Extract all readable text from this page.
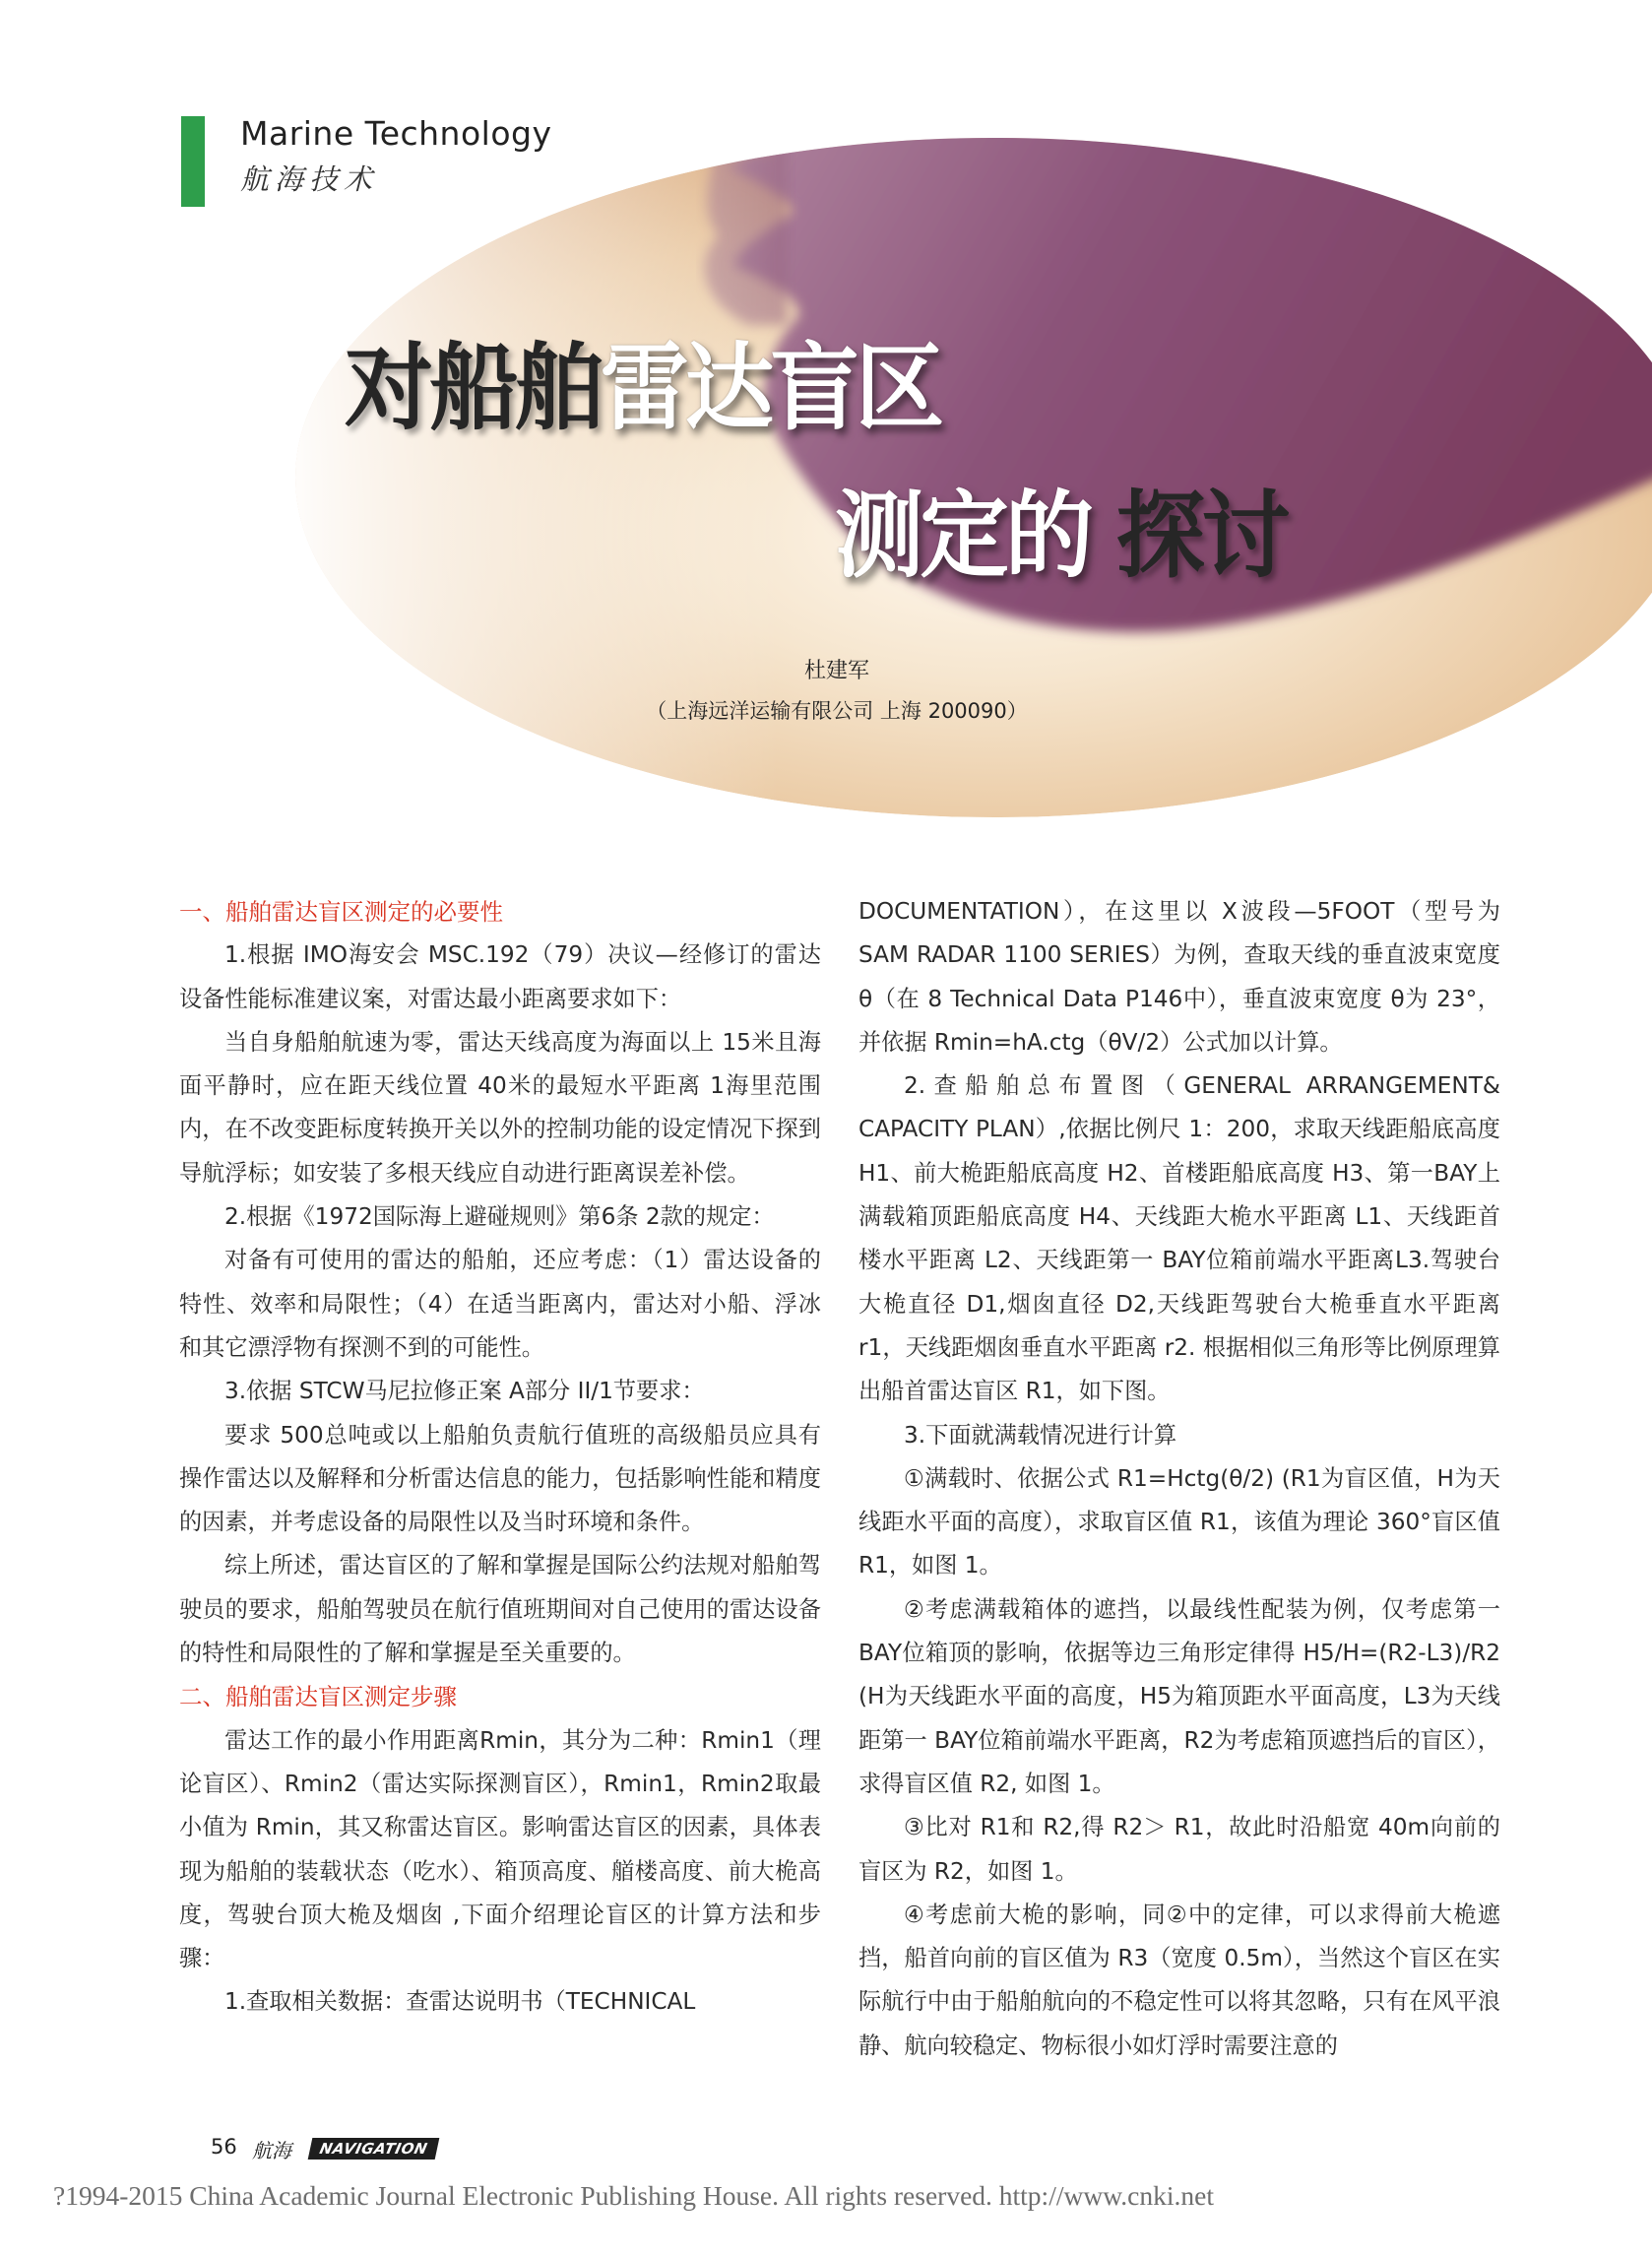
Marine Technology
航海技术
对船舶雷达盲区
测定的 探讨
杜建军
（上海远洋运输有限公司 上海 200090）
一、船舶雷达盲区测定的必要性

1.根据 IMO海安会 MSC.192（79）决议—经修订的雷达设备性能标准建议案，对雷达最小距离要求如下：

当自身船舶航速为零，雷达天线高度为海面以上 15米且海面平静时，应在距天线位置 40米的最短水平距离 1海里范围内，在不改变距标度转换开关以外的控制功能的设定情况下探到导航浮标；如安装了多根天线应自动进行距离误差补偿。

2.根据《1972国际海上避碰规则》第6条 2款的规定：

对备有可使用的雷达的船舶，还应考虑：（1）雷达设备的特性、效率和局限性；（4）在适当距离内，雷达对小船、浮冰和其它漂浮物有探测不到的可能性。

3.依据 STCW马尼拉修正案 A部分 II/1节要求：

要求 500总吨或以上船舶负责航行值班的高级船员应具有操作雷达以及解释和分析雷达信息的能力，包括影响性能和精度的因素，并考虑设备的局限性以及当时环境和条件。

综上所述，雷达盲区的了解和掌握是国际公约法规对船舶驾驶员的要求，船舶驾驶员在航行值班期间对自己使用的雷达设备的特性和局限性的了解和掌握是至关重要的。

二、船舶雷达盲区测定步骤

雷达工作的最小作用距离Rmin，其分为二种：Rmin1（理论盲区）、Rmin2（雷达实际探测盲区），Rmin1，Rmin2取最小值为 Rmin，其又称雷达盲区。影响雷达盲区的因素，具体表现为船舶的装载状态（吃水）、箱顶高度、艏楼高度、前大桅高度，驾驶台顶大桅及烟囱 ,下面介绍理论盲区的计算方法和步骤：

1.查取相关数据：查雷达说明书（TECHNICAL

DOCUMENTATION），在这里以 X波段—5FOOT（型号为 SAM RADAR 1100 SERIES）为例，查取天线的垂直波束宽度 θ（在 8 Technical Data P146中），垂直波束宽度 θ为 23°，并依据 Rmin=hA.ctg（θV/2）公式加以计算。

2.查船舶总布置图（GENERAL ARRANGEMENT& CAPACITY PLAN）,依据比例尺 1：200，求取天线距船底高度 H1、前大桅距船底高度 H2、首楼距船底高度 H3、第一BAY上满载箱顶距船底高度 H4、天线距大桅水平距离 L1、天线距首楼水平距离 L2、天线距第一 BAY位箱前端水平距离L3.驾驶台大桅直径 D1,烟囱直径 D2,天线距驾驶台大桅垂直水平距离 r1，天线距烟囱垂直水平距离 r2. 根据相似三角形等比例原理算出船首雷达盲区 R1，如下图。

3.下面就满载情况进行计算

①满载时、依据公式 R1=Hctg(θ/2) (R1为盲区值，H为天线距水平面的高度），求取盲区值 R1，该值为理论 360°盲区值 R1，如图 1。

②考虑满载箱体的遮挡，以最线性配装为例，仅考虑第一BAY位箱顶的影响，依据等边三角形定律得 H5/H=(R2-L3)/R2 (H为天线距水平面的高度，H5为箱顶距水平面高度，L3为天线距第一 BAY位箱前端水平距离，R2为考虑箱顶遮挡后的盲区），求得盲区值 R2, 如图 1。

③比对 R1和 R2,得 R2＞ R1，故此时沿船宽 40m向前的盲区为 R2，如图 1。

④考虑前大桅的影响，同②中的定律，可以求得前大桅遮挡，船首向前的盲区值为 R3（宽度 0.5m），当然这个盲区在实际航行中由于船舶航向的不稳定性可以将其忽略，只有在风平浪静、航向较稳定、物标很小如灯浮时需要注意的

56 航海	NAVIGATION
?1994-2015 China Academic Journal Electronic Publishing House. All rights reserved. http://www.cnki.net
